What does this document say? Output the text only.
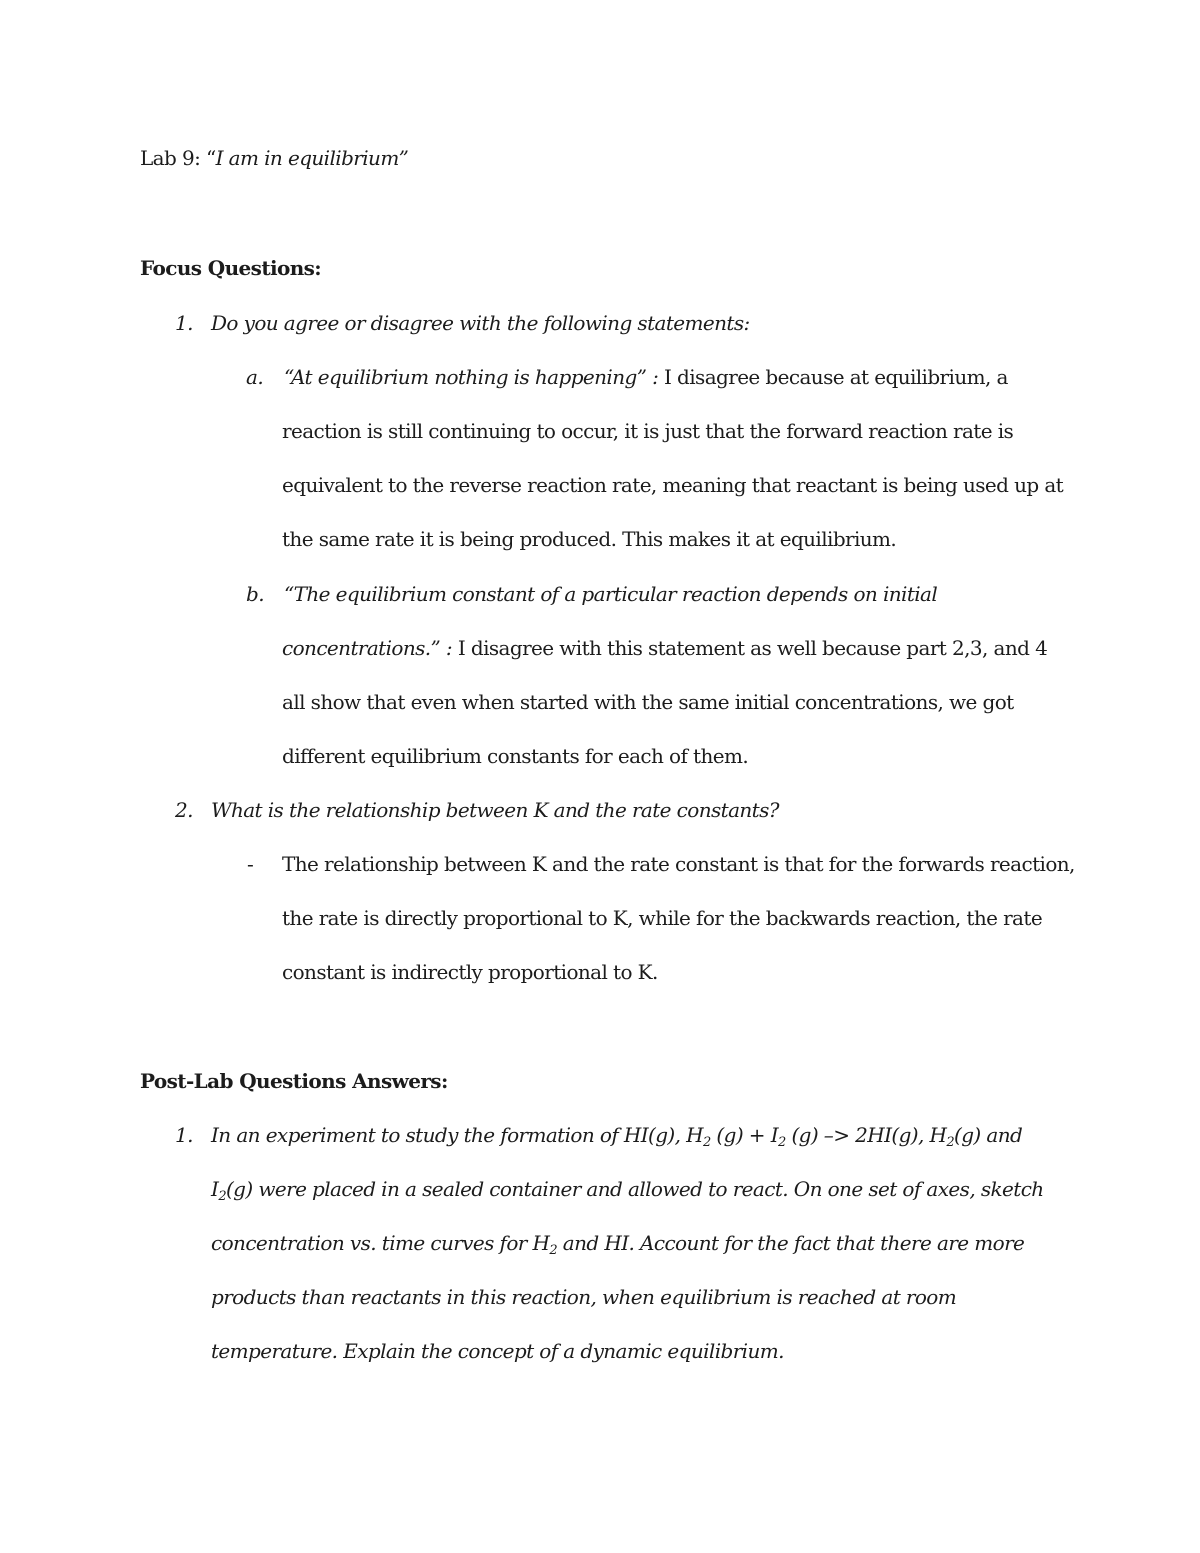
Lab 9: “I am in equilibrium”
Focus Questions:
1. Do you agree or disagree with the following statements:
a. “At equilibrium nothing is happening” : I disagree because at equilibrium, a
reaction is still continuing to occur, it is just that the forward reaction rate is
equivalent to the reverse reaction rate, meaning that reactant is being used up at
the same rate it is being produced. This makes it at equilibrium.
b. “The equilibrium constant of a particular reaction depends on initial
concentrations.” : I disagree with this statement as well because part 2,3, and 4
all show that even when started with the same initial concentrations, we got
different equilibrium constants for each of them.
2. What is the relationship between K and the rate constants?
- The relationship between K and the rate constant is that for the forwards reaction,
the rate is directly proportional to K, while for the backwards reaction, the rate
constant is indirectly proportional to K.
Post-Lab Questions Answers:
1. In an experiment to study the formation of HI(g), $H_2$ $(g) + I_2$ (g) –> 2HI(g), $H_2(g)$ and
$I_2(g)$ were placed in a sealed container and allowed to react. On one set of axes, sketch
concentration vs. time curves for $H_2$ and HI. Account for the fact that there are more
products than reactants in this reaction, when equilibrium is reached at room
temperature. Explain the concept of a dynamic equilibrium.
